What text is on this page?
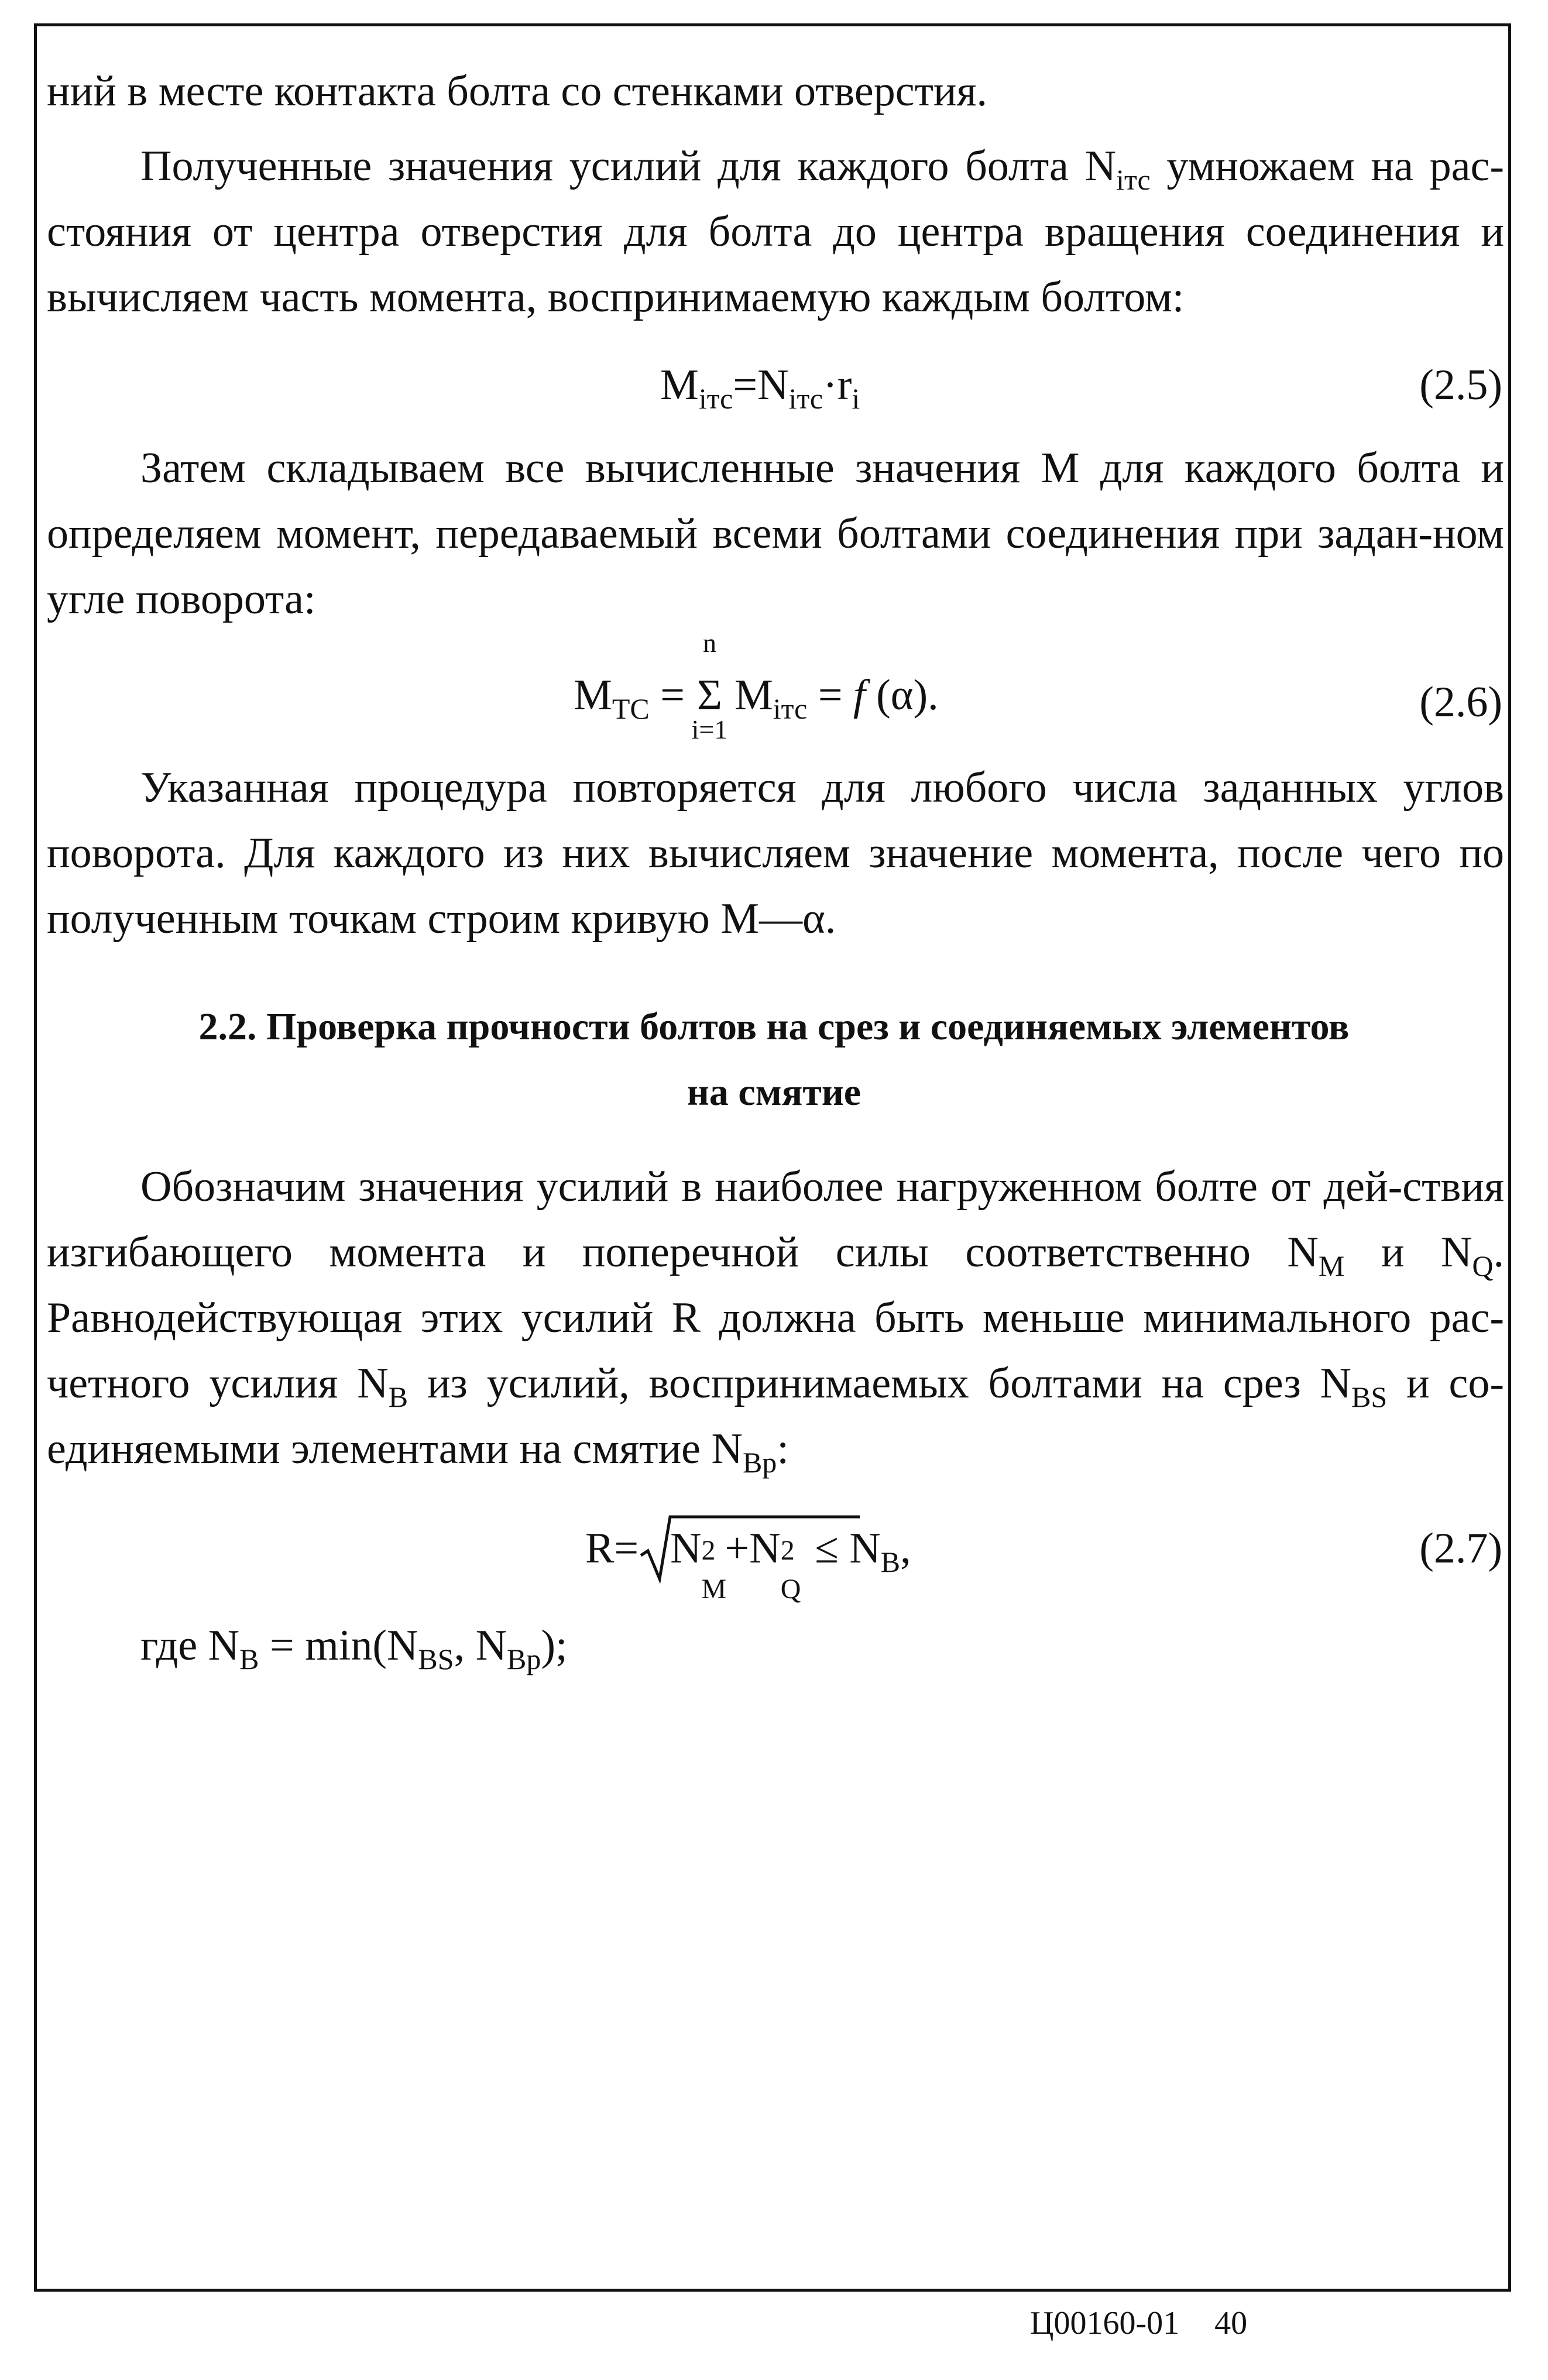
ний в месте контакта болта со стенками отверстия.
Полученные значения усилий для каждого болта $N_{iтс}$ умножаем на рас-стояния от центра отверстия для болта до центра вращения соединения и вычисляем часть момента, воспринимаемую каждым болтом:
$M_{iтс}=N_{iтс}\cdot r_i$	(2.5)
Затем складываем все вычисленные значения М для каждого болта и определяем момент, передаваемый всеми болтами соединения при задан-ном угле поворота:
$M_{TC}$ =
n
Σ
i=1
$M_{iтс} = f$ (α).	(2.6)
Указанная процедура повторяется для любого числа заданных углов поворота. Для каждого из них вычисляем значение момента, после чего по полученным точкам строим кривую М—α.
2.2. Проверка прочности болтов на срез и соединяемых элементов
на смятие
Обозначим значения усилий в наиболее нагруженном болте от дей-ствия изгибающего момента и поперечной силы соответственно $N_M$ и $N_Q$. Равнодействующая этих усилий R должна быть меньше минимального рас-четного усилия $N_B$ из усилий, воспринимаемых болтами на срез $N_{BS}$ и со-единяемыми элементами на смятие $N_{Bp}$:
R= N 2
M
+N 2
Q
≤ $N_B$,	(2.7)
где $N_B = \min(N_{BS}$, $N_{Bp}$);
Ц00160-01 40
